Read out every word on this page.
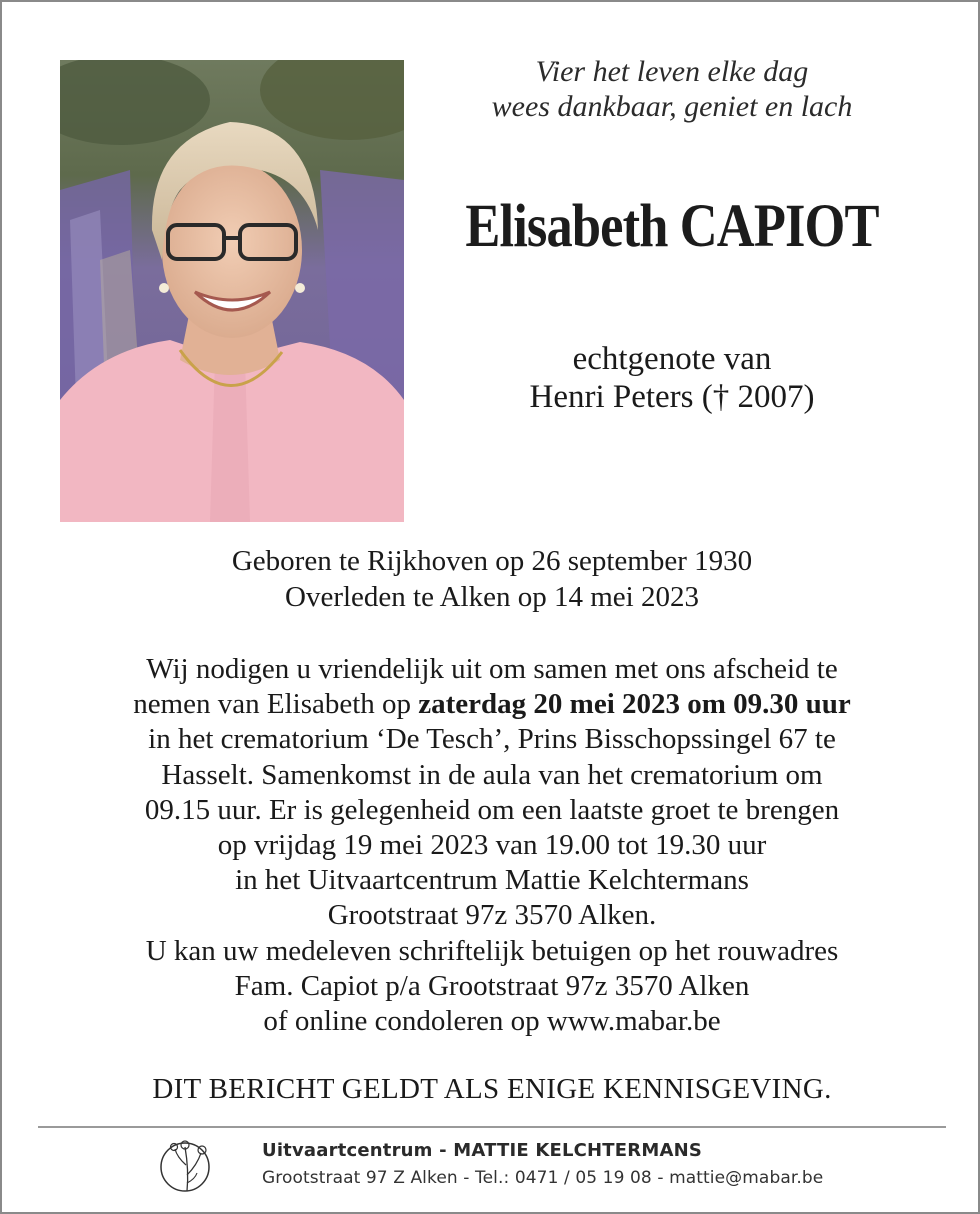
Vier het leven elke dag
wees dankbaar, geniet en lach
Elisabeth CAPIOT
echtgenote van
Henri Peters († 2007)
Geboren te Rijkhoven op 26 september 1930
Overleden te Alken op 14 mei 2023
Wij nodigen u vriendelijk uit om samen met ons afscheid te
nemen van Elisabeth op zaterdag 20 mei 2023 om 09.30 uur
in het crematorium ‘De Tesch’, Prins Bisschopssingel 67 te
Hasselt. Samenkomst in de aula van het crematorium om
09.15 uur. Er is gelegenheid om een laatste groet te brengen
op vrijdag 19 mei 2023 van 19.00 tot 19.30 uur
in het Uitvaartcentrum Mattie Kelchtermans
Grootstraat 97z 3570 Alken.
U kan uw medeleven schriftelijk betuigen op het rouwadres
Fam. Capiot p/a Grootstraat 97z 3570 Alken
of online condoleren op www.mabar.be
DIT BERICHT GELDT ALS ENIGE KENNISGEVING.
Uitvaartcentrum - MATTIE KELCHTERMANS
Grootstraat 97 Z Alken - Tel.: 0471 / 05 19 08 - mattie@mabar.be
